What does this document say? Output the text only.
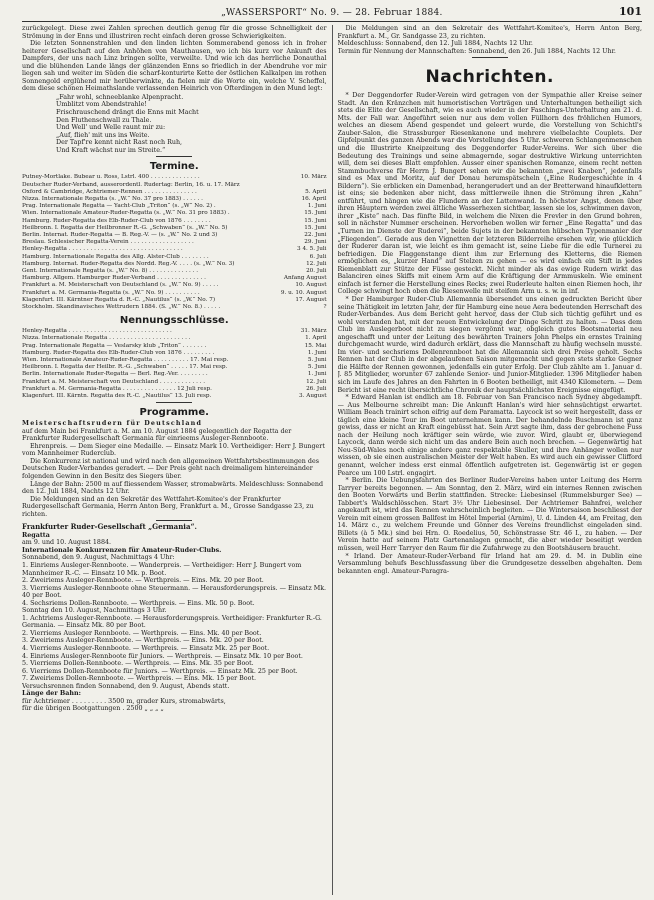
„WASSERSPORT“ No. 9. — 28. Februar 1884.	101

zurückgelegt. Diese zwei Zahlen sprechen deutlich genug für die grosse Schnelligkeit der Strömung in der Enns und illustriren recht einfach deren grosse Schwierigkeiten.

Die letzten Sonnenstrahlen und den linden lichten Sommerabend genoss ich in froher heiterer Gesellschaft auf den Anhöhen von Mauthausen, wo ich bis kurz vor Ankunft des Dampfers, der uns nach Linz bringen sollte, verweilte. Und wie ich das herrliche Donauthal und die blühenden Lande längs der glänzenden Enns so friedlich in der Abendruhe vor mir liegen sah und weiter im Süden die scharf-konturirte Kette der östlichen Kalkalpen im rothen Sonnengold erglühend mir herüberwinkte, da fielen mir die Worte ein, welche V. Scheffel, dem diese schönen Heimathslande verlassenden Heinrich von Ofterdingen in den Mund legt:

„Fahr wohl, schneeblanke Alpenpracht.
Umblitzt vom Abendstrahle!
Frischrauschend drängt die Enns mit Macht
Den Fluthenschwall zu Thale.
Und Well' und Welle raunt mir zu:
„Auf, flieh' mit uns ins Weite.
Der Tapf're kennt nicht Rast noch Ruh,
Und Kraft wächst nur im Streite.“
Termine.
Putney-Mortlake. Bubear u. Ross, Lstrl. 400 . . . . . . . . . . . . . .	10. März
Deutscher Ruder-Verband, ausserordentl. Rudertag: Berlin, 16. u. 17. März
Oxford & Cambridge, Achtriemer-Rennen . . . . . . . . . . . . . . .	5. April
Nizza. Internationale Regatta (s. „W.“ No. 37 pro 1883) . . . . . .	16. April
Prag. Internationale Regatta — Yacht-Club „Triton“ (s. „W“ No. 2) .	1. Juni
Wien. Internationale Amateur-Ruder-Regatta (s. „W.“ No. 31 pro 1883) .	15. Juni
Hamburg. Ruder-Regatta des Elb-Ruder-Club von 1876 . . . . . . . .	15. Juni
Heilbronn. I. Regatta der Heilbronner R.-G. „Schwaben“ (s. „W.“ No. 5)	15. Juni
Berlin. Internat. Ruder-Regatta — B. Reg.-V. — (s. „W.“ No. 2 und 3)	22. Juni
Breslau. Schlesischer Regatta-Verein . . . . . . . . . . . . . . . . . .	29. Juni
Henley-Regatta . . . . . . . . . . . . . . . . . . . . . . . . . . . . . . . .	3 4. 5. Juli
Hamburg. Internationale Regatta des Allg. Alster-Club . . . . . . . .	6. Juli
Hamburg. Internat. Ruder-Regatta des Nordd. Reg.-V. . . . . (s. „W.“ No. 3)	12. Juli
Gent. Internationale Regatta (s. „W.“ No. 8) . . . . . . . . . . . . . .	20. Juli
Hamburg. Allgem. Hamburger Ruder-Verband . . . . . . . . . . . . . .	Anfang August
Frankfurt a. M. Meisterschaft von Deutschland (s. „W.“ No. 9) . . . . .	10. August
Frankfurt a. M. Germania-Regatta (s. „W.“ No. 9) . . . . . . . . . .	9. u. 10. August
Klagenfurt. III. Kärntner Regatta d. R.-C. „Nautilus“ (s. „W.“ No. 7)	17. August
Stockholm. Skandinavisches Wettrudern 1884. (S. „W.“ No. 8.) . . . . .	?
Nennungsschlüsse.
Henley-Regatta . . . . . . . . . . . . . . . . . . . . . . . . . . . . .	31. März
Nizza. Internationale Regatta . . . . . . . . . . . . . . . . . . . . . . .	1. April
Prag. Internationale Regatta — Veslarsky klub „Triton“ . . . . . . .	15. Mai
Hamburg. Ruder-Regatta des Elb-Ruder-Club von 1876 . . . . . . . . .	1. Juni
Wien. Internationale Amateur-Ruder-Regatta . . . . . . . . . . 17. Mai resp.	5. Juni
Heilbronn. I. Regatta der Heilbr. R.-G. „Schwaben“ . . . . . 17. Mai resp.	5. Juni
Berlin. Internationale Ruder-Regatta — Berl. Reg.-Ver. . . . . . . . .	1. Juni
Frankfurt a. M. Meisterschaft von Deutschland . . . . . . . . . . . . .	12. Juli
Frankfurt a. M. Germania-Regatta . . . . . . . . . . . . . . . 12 Juli resp.	26. Juli
Klagenfurt. III. Kärntn. Regatta des R.-C. „Nautilus“ 13. Juli resp.	3. August
Programme.

Meisterschaftsrudern für Deutschland

auf dem Main bei Frankfurt a. M. am 10. August 1884 gelegentlich der Regatta der Frankfurter Rudergesellschaft Germania für einrieems Ausleger-Rennboote.

Ehrenpreis. — Dem Sieger eine Medaille. — Einsatz Mark 10. Vertheidiger: Herr J. Bungert vom Mannheimer Ruderclub.

Die Konkurrenz ist national und wird nach den allgemeinen Wettfahrtsbestimmungen des Deutschen Ruder-Verbandes geradert. — Der Preis geht nach dreimaligem hintereinander folgenden Gewinn in den Besitz des Siegers über.

Länge der Bahn: 2500 m auf fliessendem Wasser, stromabwärts. Meldeschluss: Sonnabend den 12. Juli 1884, Nachts 12 Uhr.

Die Meldungen sind an den Sekretär des Wettfahrt-Komitee's der Frankfurter Rudergesellschaft Germania, Herrn Anton Berg, Frankfurt a. M., Grosse Sandgasse 23, zu richten.

Frankfurter Ruder-Gesellschaft „Germania“.

Regatta

am 9. und 10. August 1884.

Internationale Konkurrenzen für Amateur-Ruder-Clubs.

Sonnabend, den 9. August, Nachmittags 4 Uhr:

1. Einriems Ausleger-Rennboote. — Wanderpreis. — Vertheidiger: Herr J. Bungert vom Mannheimer R.-C. — Einsatz 10 Mk. p. Boot.

2. Zweiriems Ausleger-Rennboote. — Werthpreis. — Eins. Mk. 20 per Boot.

3. Vierriems Ausleger-Rennboote ohne Steuermann. — Herausforderungspreis. — Einsatz Mk. 40 per Boot.

4. Sechsriems Dollen-Rennboote. — Werthpreis. — Eins. Mk. 50 p. Boot.

Sonntag den 10. August, Nachmittags 3 Uhr.

1. Achtriems Ausleger-Rennboote. — Herausforderungspreis. Vertheidiger: Frankfurter R.-G. Germania. — Einsatz Mk. 80 per Boot.

2. Vierriems Ausleger Rennboote. — Werthpreis. — Eins. Mk. 40 per Boot.

3. Zweiriems Ausleger-Rennboote. — Werthpreis. — Eins. Mk. 20 per Boot.

4. Vierriems Ausleger-Rennboote. — Werthpreis. — Einsatz Mk. 25 per Boot.

4. Einriems Ausleger-Rennboote für Juniors. — Werthpreis. — Einsatz Mk. 10 per Boot.

5. Vierriems Dollen-Rennboote. — Werthpreis. — Eins. Mk. 35 per Boot.

6. Vierriems Dollen-Rennboote für Juniors. — Werthpreis. — Einsatz Mk. 25 per Boot.

7. Zweiriems Dollen-Rennboote. — Werthpreis. — Eins. Mk. 15 per Boot.

Versuchsrennen finden Sonnabend, den 9. August, Abends statt.

Länge der Bahn:

für Achtriemer . . . . . . . . . 3500 m, grader Kurs, stromabwärts,

für die übrigen Bootgattungen . 2500 „ „ „ „

Die Meldungen sind an den Sekretair des Wettfahrt-Komitee's, Herrn Anton Berg, Frankfurt a. M., Gr. Sandgasse 23, zu richten.

Meldeschluss: Sonnabend, den 12. Juli 1884, Nachts 12 Uhr.

Termin für Nennung der Mannschaften: Sonnabend, den 26. Juli 1884, Nachts 12 Uhr.

Nachrichten.

* Der Deggendorfer Ruder-Verein wird getragen von der Sympathie aller Kreise seiner Stadt. An den Kränzchen mit humoristischen Vorträgen und Unterhaltungen betheiligt sich stets die Elite der Gesellschaft, wie es auch wieder in der Faschings-Unterhaltung am 21. d. Mts. der Fall war. Angeführt seien nur aus dem vollen Füllhorn des fröhlichen Humors, welches an diesem Abend gespendet und geleert wurde, die Vorstellung von Schichtl's Zauber-Salon, die Strassburger Riesenkanone und mehrere vielbelachte Couplets. Der Gipfelpunkt des ganzen Abends war die Vorstellung des 5 Uhr. schweren Schlangenmenschen und die Illustrirte Kneipzeitung des Deggendorfer Ruder-Vereins. Wer sich über die Bedeutung des Trainings und seine abmagernde, sogar destruktive Wirkung unterrichten will, dem sei dieses Blatt empfohlen. Ausser einer spanischen Romanze, einem recht netten Stammbuchverse für Herrn J. Bungert sehen wir die bekannten „zwei Knaben“, jedenfalls sind es Max und Moritz, auf der Donau herumspätscheln („Eine Rudergeschichte in 4 Bildern“). Sie erblicken ein Damenbad, herangerudert und an der Bretterwand hinaufklettern ist eins; sie bedenken aber nicht, dass mittlerweile ihnen die Strömung ihren „Kahn“ entführt, und hängen wie die Flundern an der Lattenwand. In höchster Angst, denen über ihren Häuptern werden zwei ältliche Wasserhexen sichtbar, lassen sie los, schwimmen davon, ihrer „Kiste“ nach. Das fünfte Bild, in welchem die Nixen die Frevler in den Grund bohren, soll in nächster Nummer erscheinen. Hervorheben wollen wir ferner „Eine Regatta“ und das „Turnen im Dienste der Ruderei“, beide Sujets in der bekannten hübschen Typenmanier der „Fliegenden“. Gerade aus den Vignetten der letzteren Bilderreihe ersehen wir, wie glücklich der Ruderer daran ist, wie leicht es ihm gemacht ist, seine Liebe für die edle Turnerei zu befriedigen. Die Flaggenstange dient ihm zur Erlernung des Kletterns, die Riemen ermöglichen es, „kurzer Hand“ auf Stelzen zu gehen — es wird einfach ein Stift in jedes Riemenblatt zur Stütze der Füsse gesteckt. Nicht minder als das ewige Rudern wirkt das Balanciren eines Skiffs mit einem Arm auf die Kräftigung der Armmuskeln. Wie eminent einfach ist ferner die Herstellung eines Recks; zwei Ruderleute halten einen Riemen hoch, ihr College schwingt hoch oben die Riesenwelle mit steifem Arm u. s. w. in inf.

* Der Hamburger Ruder-Club Allemannia übersendet uns einen gedruckten Bericht über seine Thätigkeit im letzten Jahr, der für Hamburg eine neue Aera bedeutenden Herrschaft des Ruder-Verbandes. Aus dem Bericht geht hervor, dass der Club sich tüchtig geführt und es wohl verstanden hat, mit der neuen Entwickelung der Dinge Schritt zu halten. — Dass dem Club im Auslegerboot nicht zu siegen vergönnt war, obgleich gutes Bootsmaterial neu angeschafft und unter der Leitung des bewährten Trainers John Phelps ein ernstes Training durchgemacht wurde, wird dadurch erklärt, dass die Mannschaft zu häufig wechseln musste. Im vier- und sechsriems Dollenrennboot hat die Allemannia sich drei Preise geholt. Sechs Rennen hat der Club in der abgelaufenen Saison mitgemacht und gegen stets starke Gegner die Hälfte der Rennen gewonnen, jedenfalls ein guter Erfolg. Der Club zählte am 1. Januar d. J. 85 Mitglieder, worunter 67 zahlende Senior- und Junior-Mitglieder. 1396 Mitglieder haben sich im Laufe des Jahres an den Fahrten in 6 Booten betheiligt, mit 4340 Kilometern. — Dem Bericht ist eine recht übersichtliche Chronik der hauptsächlichsten Ereignisse eingefügt.

* Edward Hanlan ist endlich am 18. Februar von San Francisco nach Sydney abgedampft. — Aus Melbourne schreibt man: Die Ankunft Hanlan's wird hier sehnsüchtigst erwartet. William Beach trainirt schon eifrig auf dem Paramatta. Laycock ist so weit hergestellt, dass er täglich eine kleine Tour im Boot unternehmen kann. Der behandelnde Buschmann ist ganz gewiss, dass er nicht an Kraft eingebüsst hat. Sein Arzt sagte ihm, dass der gebrochene Fuss nach der Heilung noch kräftiger sein würde, wie zuvor. Wird, glaubt er, überwiegend Laycock, dann werde sich nicht um das andere Bein auch noch brechen. — Gegenwärtig hat Neu-Süd-Wales noch einige andere ganz respektable Skuller, und ihre Anhänger wollen nur wissen, ob sie einen australischen Meister der Welt haben. Es wird auch ein gewisser Clifford genannt, welcher indess erst einmal öffentlich aufgetreten ist. Gegenwärtig ist er gegen Pearce um 100 Lstrl. engagirt.

* Berlin. Die Uebungsfahrten des Berliner Ruder-Vereins haben unter Leitung des Herrn Tarryer bereits begonnen. — Am Sonntag, den 2. März, wird ein internes Rennen zwischen den Booten Vorwärts und Berlin stattfinden. Strecke: Liebesinsel (Rummelsburger See) — Tabbert's Waldschlösschen. Start 3½ Uhr Liebesinsel. Der Achtriemer Bahnfrei, welcher angekauft ist, wird das Rennen wahrscheinlich begleiten. — Die Wintersaison beschliesst der Verein mit einem grossen Ballfest im Hôtel Imperial (Arnim), U. d. Linden 44, am Freitag, den 14. März c., zu welchem Freunde und Gönner des Vereins freundlichst eingeladen sind. Billets (à 5 Mk.) sind bei Hrn. O. Roedelius, 50, Schönstrasse Str. 46 I., zu haben. — Der Verein hatte auf seinem Platz Gartenanlagen gemacht, die aber wieder beseitigt werden müssen, weil Herr Tarryer den Raum für die Zufahrwege zu den Bootshäusern braucht.

* Irland. Der Amateur-Ruder-Verband für Irland hat am 29. d. M. in Dublin eine Versammlung behufs Beschlussfassung über die Grundgesetze desselben abgehalten. Dem bekannten engl. Amateur-Paragra-
